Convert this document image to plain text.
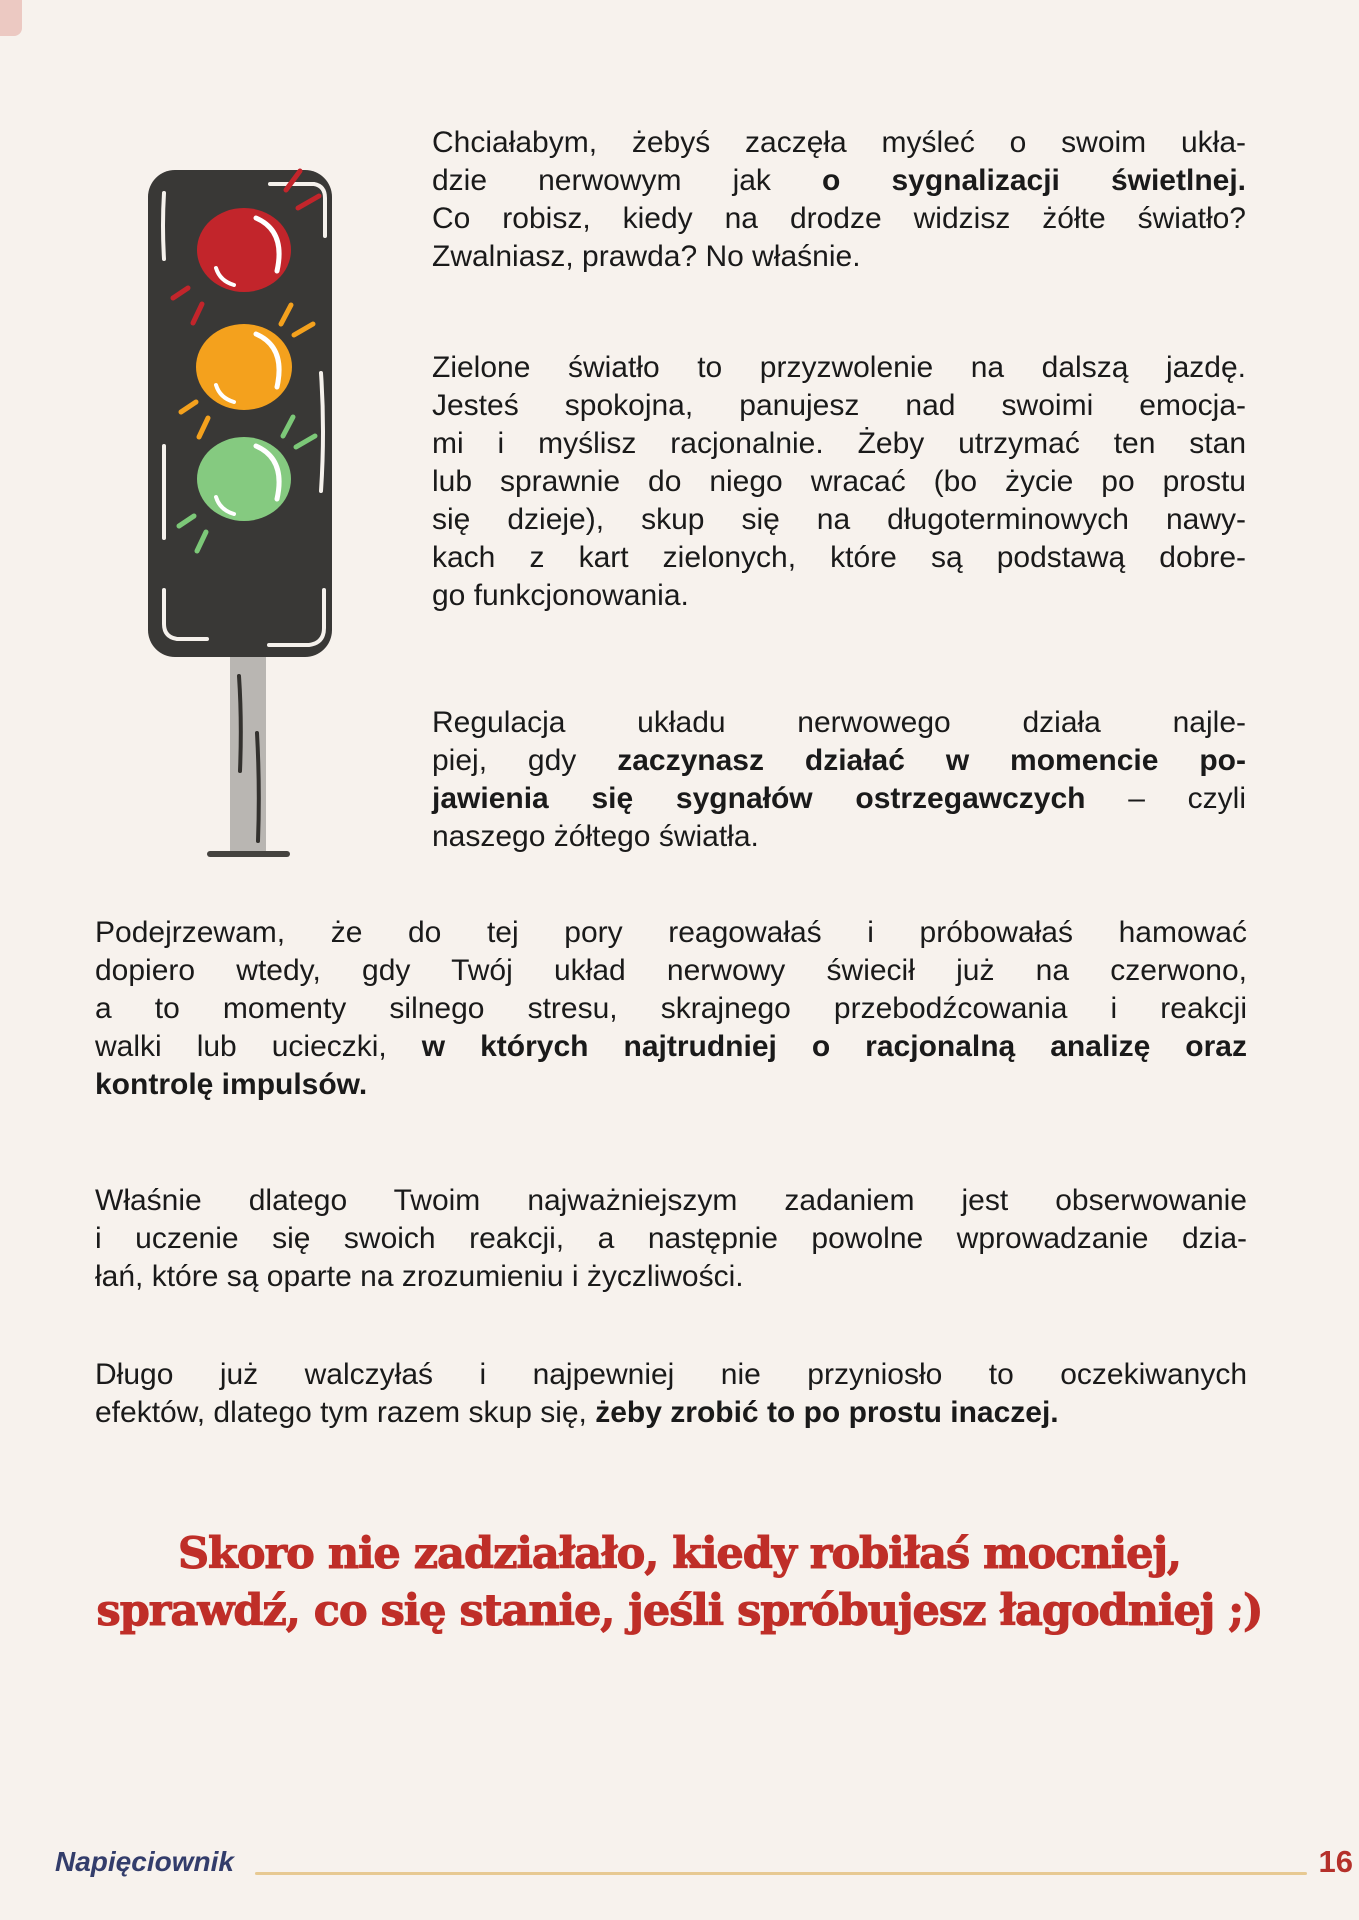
Chciałabym, żebyś zaczęła myśleć o swoim ukła-
dzie nerwowym jak o sygnalizacji świetlnej.
Co robisz, kiedy na drodze widzisz żółte światło?
Zwalniasz, prawda? No właśnie.
Zielone światło to przyzwolenie na dalszą jazdę.
Jesteś spokojna, panujesz nad swoimi emocja-
mi i myślisz racjonalnie. Żeby utrzymać ten stan
lub sprawnie do niego wracać (bo życie po prostu
się dzieje), skup się na długoterminowych nawy-
kach z kart zielonych, które są podstawą dobre-
go funkcjonowania.
Regulacja układu nerwowego działa najle-
piej, gdy zaczynasz działać w momencie po-
jawienia się sygnałów ostrzegawczych – czyli
naszego żółtego światła.
Podejrzewam, że do tej pory reagowałaś i próbowałaś hamować
dopiero wtedy, gdy Twój układ nerwowy świecił już na czerwono,
a to momenty silnego stresu, skrajnego przebodźcowania i reakcji
walki lub ucieczki, w których najtrudniej o racjonalną analizę oraz
kontrolę impulsów.
Właśnie dlatego Twoim najważniejszym zadaniem jest obserwowanie
i uczenie się swoich reakcji, a następnie powolne wprowadzanie dzia-
łań, które są oparte na zrozumieniu i życzliwości.
Długo już walczyłaś i najpewniej nie przyniosło to oczekiwanych
efektów, dlatego tym razem skup się, żeby zrobić to po prostu inaczej.
Skoro nie zadziałało, kiedy robiłaś mocniej,
sprawdź, co się stanie, jeśli spróbujesz łagodniej ;)
Napięciownik	16
